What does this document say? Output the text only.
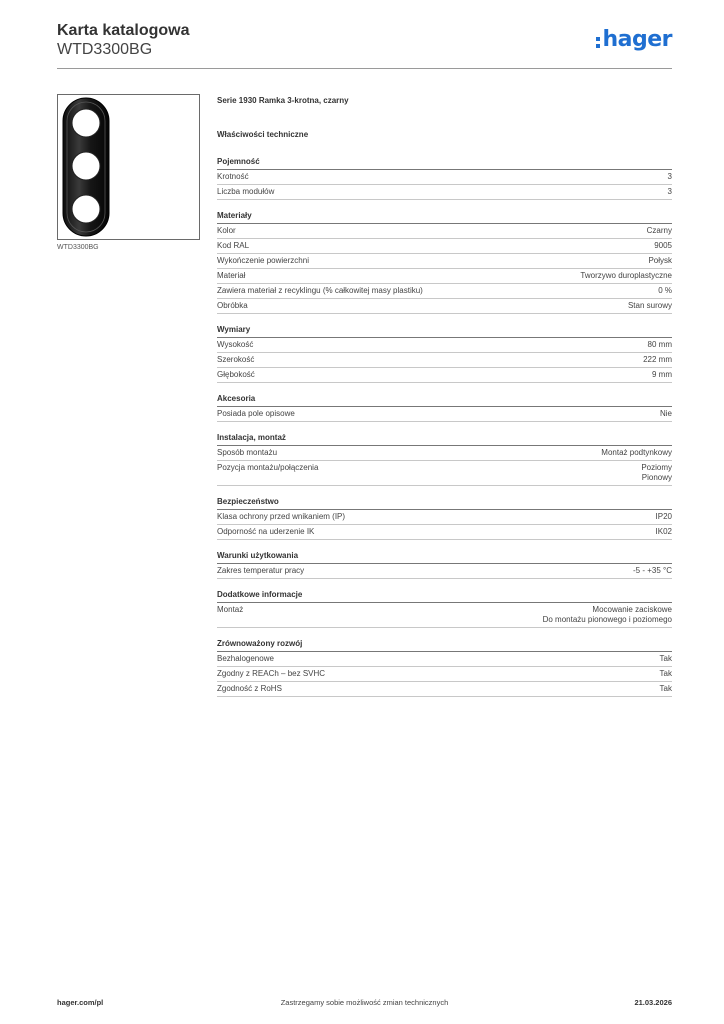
Karta katalogowa
WTD3300BG	hager
WTD3300BG
Serie 1930 Ramka 3-krotna, czarny
Właściwości techniczne
Pojemność
Krotność	3
Liczba modułów	3
Materiały
Kolor	Czarny
Kod RAL	9005
Wykończenie powierzchni	Połysk
Materiał	Tworzywo duroplastyczne
Zawiera materiał z recyklingu (% całkowitej masy plastiku)	0 %
Obróbka	Stan surowy
Wymiary
Wysokość	80 mm
Szerokość	222 mm
Głębokość	9 mm
Akcesoria
Posiada pole opisowe	Nie
Instalacja, montaż
Sposób montażu	Montaż podtynkowy
Pozycja montażu/połączenia	Poziomy
Pionowy
Bezpieczeństwo
Klasa ochrony przed wnikaniem (IP)	IP20
Odporność na uderzenie IK	IK02
Warunki użytkowania
Zakres temperatur pracy	-5 - +35 °C
Dodatkowe informacje
Montaż	Mocowanie zaciskowe
Do montażu pionowego i poziomego
Zrównoważony rozwój
Bezhalogenowe	Tak
Zgodny z REACh – bez SVHC	Tak
Zgodność z RoHS	Tak
Zastrzegamy sobie możliwość zmian technicznych
hager.com/pl	21.03.2026
